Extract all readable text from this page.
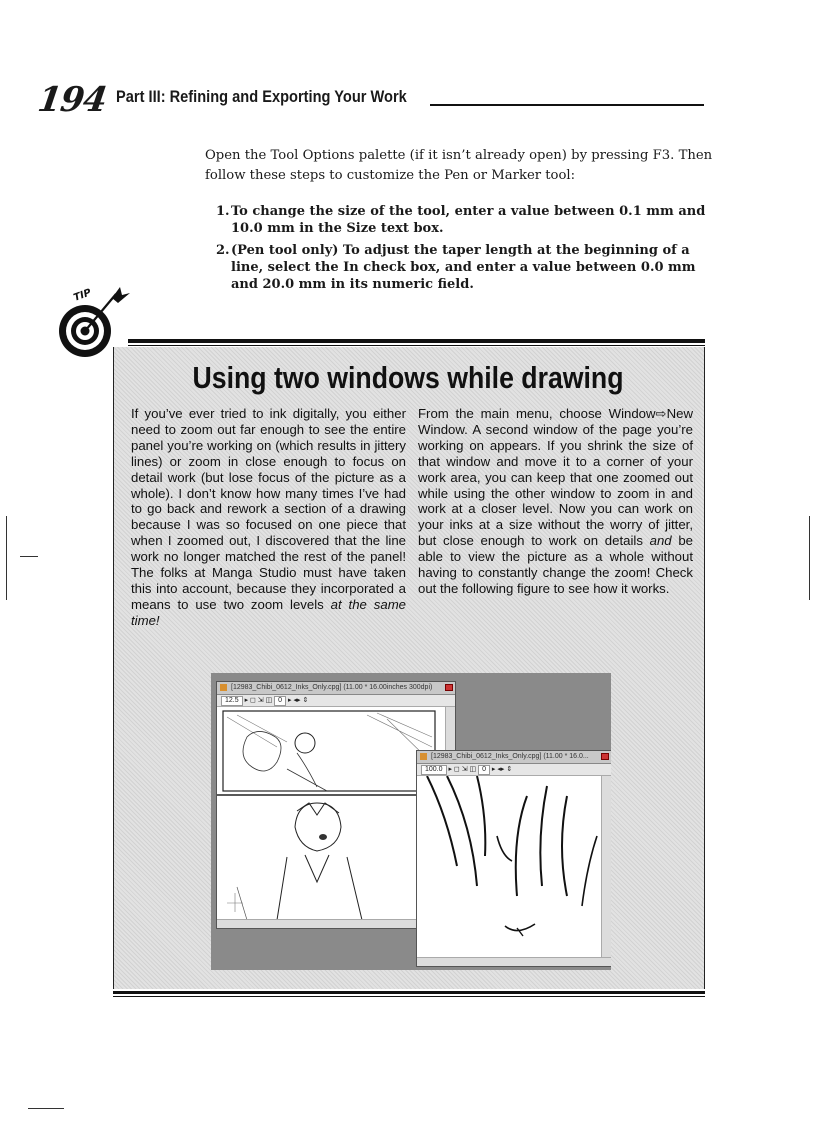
194 Part III: Refining and Exporting Your Work
Open the Tool Options palette (if it isn’t already open) by pressing F3. Then follow these steps to customize the Pen or Marker tool:
1. To change the size of the tool, enter a value between 0.1 mm and 10.0 mm in the Size text box.
2. (Pen tool only) To adjust the taper length at the beginning of a line, select the In check box, and enter a value between 0.0 mm and 20.0 mm in its numeric field.
TIP
Using two windows while drawing
If you’ve ever tried to ink digitally, you either need to zoom out far enough to see the entire panel you’re working on (which results in jittery lines) or zoom in close enough to focus on detail work (but lose focus of the picture as a whole). I don’t know how many times I’ve had to go back and rework a section of a drawing because I was so focused on one piece that when I zoomed out, I discovered that the line work no longer matched the rest of the panel! The folks at Manga Studio must have taken this into account, because they incorporated a means to use two zoom levels at the same time!
From the main menu, choose Window⇨New Window. A second window of the page you’re working on appears. If you shrink the size of that window and move it to a corner of your work area, you can keep that one zoomed out while using the other window to zoom in and work at a closer level. Now you can work on your inks at a size without the worry of jitter, but close enough to work on details and be able to view the picture as a whole without having to constantly change the zoom! Check out the following figure to see how it works.
[12983_Chibi_0612_Inks_Only.cpg] (11.00 * 16.00inches 300dpi)
12.5 ▸ ◻ ⇲ ◫ 0 ▸ ◂▸ ⇕
[12983_Chibi_0612_Inks_Only.cpg] (11.00 * 16.0...
100.0 ▸ ◻ ⇲ ◫ 0 ▸ ◂▸ ⇕
